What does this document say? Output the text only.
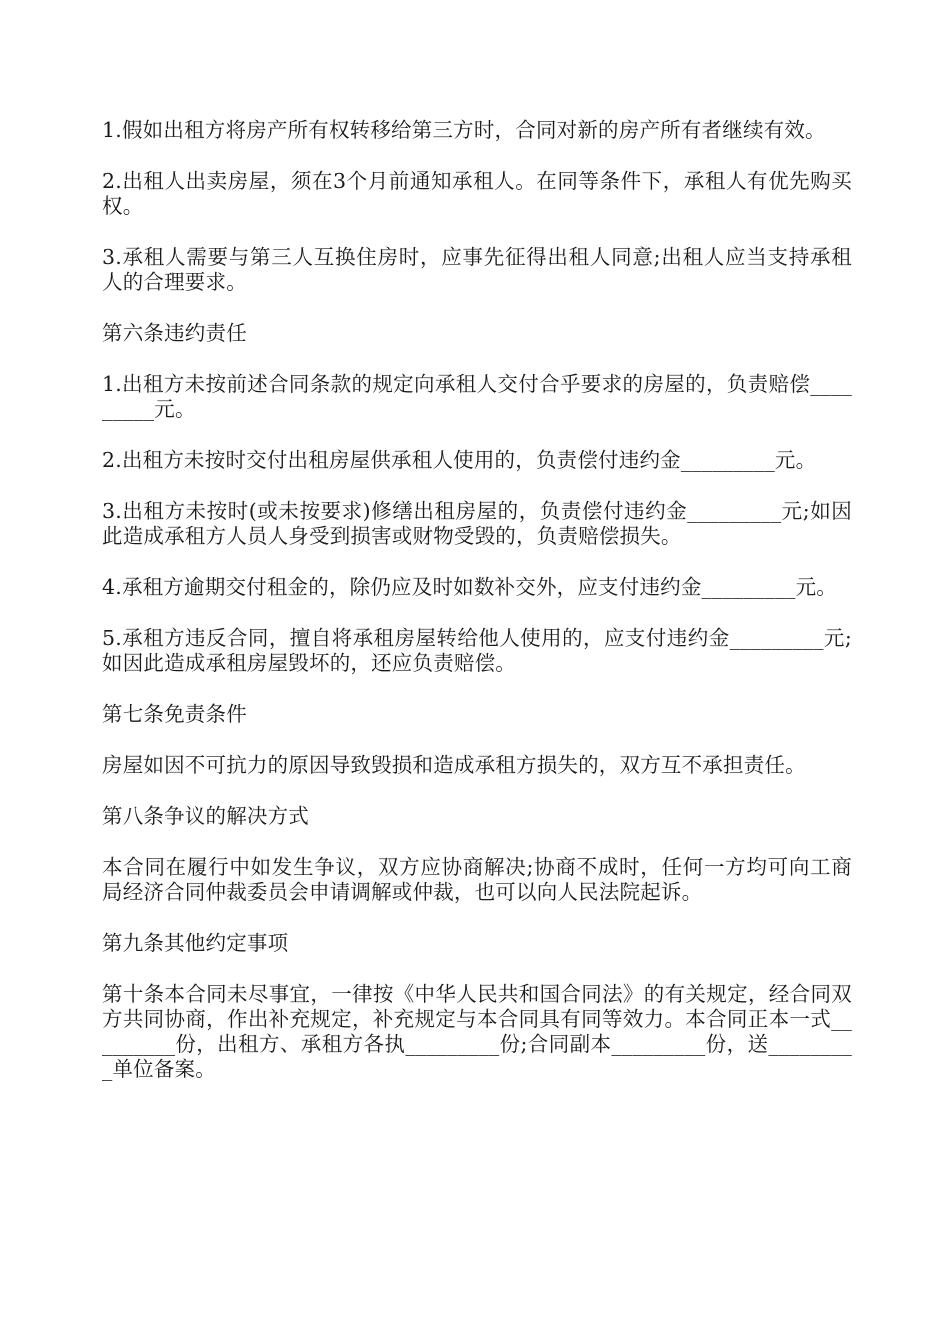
1.假如出租方将房产所有权转移给第三方时，合同对新的房产所有者继续有效。

2.出租人出卖房屋，须在3个月前通知承租人。在同等条件下，承租人有优先购买权。

3.承租人需要与第三人互换住房时，应事先征得出租人同意;出租人应当支持承租人的合理要求。

第六条违约责任

1.出租方未按前述合同条款的规定向承租人交付合乎要求的房屋的，负责赔偿_________元。

2.出租方未按时交付出租房屋供承租人使用的，负责偿付违约金_________元。

3.出租方未按时(或未按要求)修缮出租房屋的，负责偿付违约金_________元;如因此造成承租方人员人身受到损害或财物受毁的，负责赔偿损失。

4.承租方逾期交付租金的，除仍应及时如数补交外，应支付违约金_________元。

5.承租方违反合同，擅自将承租房屋转给他人使用的，应支付违约金_________元;如因此造成承租房屋毁坏的，还应负责赔偿。

第七条免责条件

房屋如因不可抗力的原因导致毁损和造成承租方损失的，双方互不承担责任。

第八条争议的解决方式

本合同在履行中如发生争议，双方应协商解决;协商不成时，任何一方均可向工商局经济合同仲裁委员会申请调解或仲裁，也可以向人民法院起诉。

第九条其他约定事项

第十条本合同未尽事宜，一律按《中华人民共和国合同法》的有关规定，经合同双方共同协商，作出补充规定，补充规定与本合同具有同等效力。本合同正本一式_________份，出租方、承租方各执_________份;合同副本_________份，送_________单位备案。
